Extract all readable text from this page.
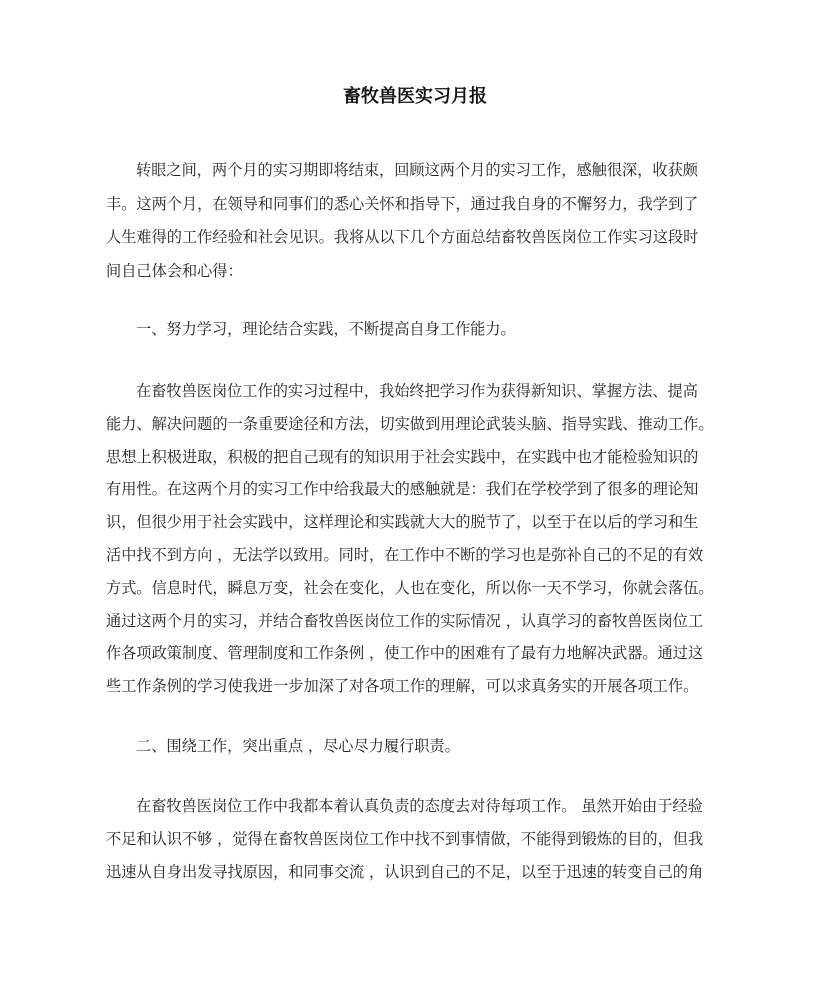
畜牧兽医实习月报
转眼之间，两个月的实习期即将结束，回顾这两个月的实习工作，感触很深，收获颇
丰。这两个月，在领导和同事们的悉心关怀和指导下，通过我自身的不懈努力，我学到了
人生难得的工作经验和社会见识。我将从以下几个方面总结畜牧兽医岗位工作实习这段时
间自己体会和心得：
一、努力学习，理论结合实践，不断提高自身工作能力。
在畜牧兽医岗位工作的实习过程中，我始终把学习作为获得新知识、掌握方法、提高
能力、解决问题的一条重要途径和方法，切实做到用理论武装头脑、指导实践、推动工作。
思想上积极进取，积极的把自己现有的知识用于社会实践中，在实践中也才能检验知识的
有用性。在这两个月的实习工作中给我最大的感触就是：我们在学校学到了很多的理论知
识，但很少用于社会实践中，这样理论和实践就大大的脱节了，以至于在以后的学习和生
活中找不到方向 ，无法学以致用。同时，在工作中不断的学习也是弥补自己的不足的有效
方式。信息时代，瞬息万变，社会在变化，人也在变化，所以你一天不学习，你就会落伍。
通过这两个月的实习，并结合畜牧兽医岗位工作的实际情况 ，认真学习的畜牧兽医岗位工
作各项政策制度、管理制度和工作条例 ，使工作中的困难有了最有力地解决武器。通过这
些工作条例的学习使我进一步加深了对各项工作的理解，可以求真务实的开展各项工作。
二、围绕工作，突出重点 ，尽心尽力履行职责。
在畜牧兽医岗位工作中我都本着认真负责的态度去对待每项工作。 虽然开始由于经验
不足和认识不够 ，觉得在畜牧兽医岗位工作中找不到事情做，不能得到锻炼的目的，但我
迅速从自身出发寻找原因，和同事交流 ，认识到自己的不足，以至于迅速的转变自己的角
